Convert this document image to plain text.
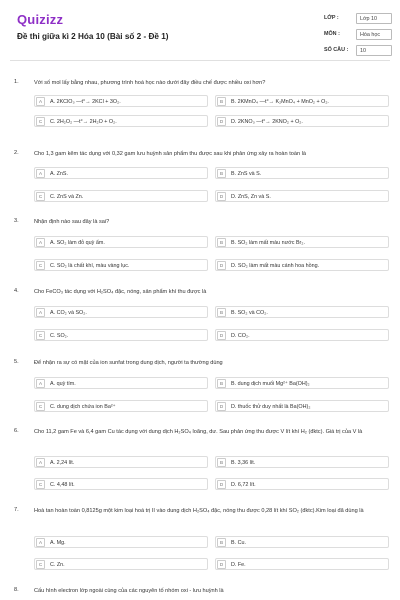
Quizizz
Đề thi giữa kì 2 Hóa 10 (Bài số 2 - Đề 1)
LỚP :	Lớp 10
MÔN :	Hóa học
SỐ CÂU :	10
1.	Với số mol lấy bằng nhau, phương trình hoá học nào dưới đây điều chế được nhiều oxi hơn?
A	A. 2KClO₃ —t°→ 2KCl + 3O₂.	B	B. 2KMnO₄ —t°→ K₂MnO₄ + MnO₂ + O₂.
C	C. 2H₂O₂ —t°→ 2H₂O + O₂.	D	D. 2KNO₃ —t°→ 2KNO₂ + O₂.
2.	Cho 1,3 gam kẽm tác dụng với 0,32 gam lưu huỳnh sản phẩm thu được sau khi phản ứng xảy ra hoàn toàn là
A	A. ZnS.	B	B. ZnS và S.
C	C. ZnS và Zn.	D	D. ZnS, Zn và S.
3.	Nhận định nào sau đây là sai?
A	A. SO₂ làm đỏ quỳ ẩm.	B	B. SO₂ làm mất màu nước Br₂.
C	C. SO₂ là chất khí, màu vàng lục.	D	D. SO₂ làm mất màu cánh hoa hồng.
4.	Cho FeCO₃ tác dụng với H₂SO₄ đặc, nóng, sản phẩm khí thu được là
A	A. CO₂ và SO₂.	B	B. SO₂ và CO₂.
C	C. SO₂.	D	D. CO₂.
5.	Để nhận ra sự có mặt của ion sunfat trong dung dịch, người ta thường dùng
A	A. quỳ tím.	B	B. dung dịch muối Mg²⁺ Ba(OH)₂
C	C. dung dịch chứa ion Ba²⁺	D	D. thuốc thử duy nhất là Ba(OH)₂
6.	Cho 11,2 gam Fe và 6,4 gam Cu tác dụng với dung dịch H₂SO₄ loãng, dư. Sau phản ứng thu được V lít khí H₂ (đktc). Giá trị của V là
A	A. 2,24 lít.	B	B. 3,36 lít.
C	C. 4,48 lít.	D	D. 6,72 lít.
7.	Hoà tan hoàn toàn 0,8125g một kim loại hoá trị II vào dung dịch H₂SO₄ đặc, nóng thu được 0,28 lít khí SO₂ (đktc).Kim loại đã dùng là
A	A. Mg.	B	B. Cu.
C	C. Zn.	D	D. Fe.
8.	Cấu hình electron lớp ngoài cùng của các nguyên tố nhóm oxi - lưu huỳnh là
